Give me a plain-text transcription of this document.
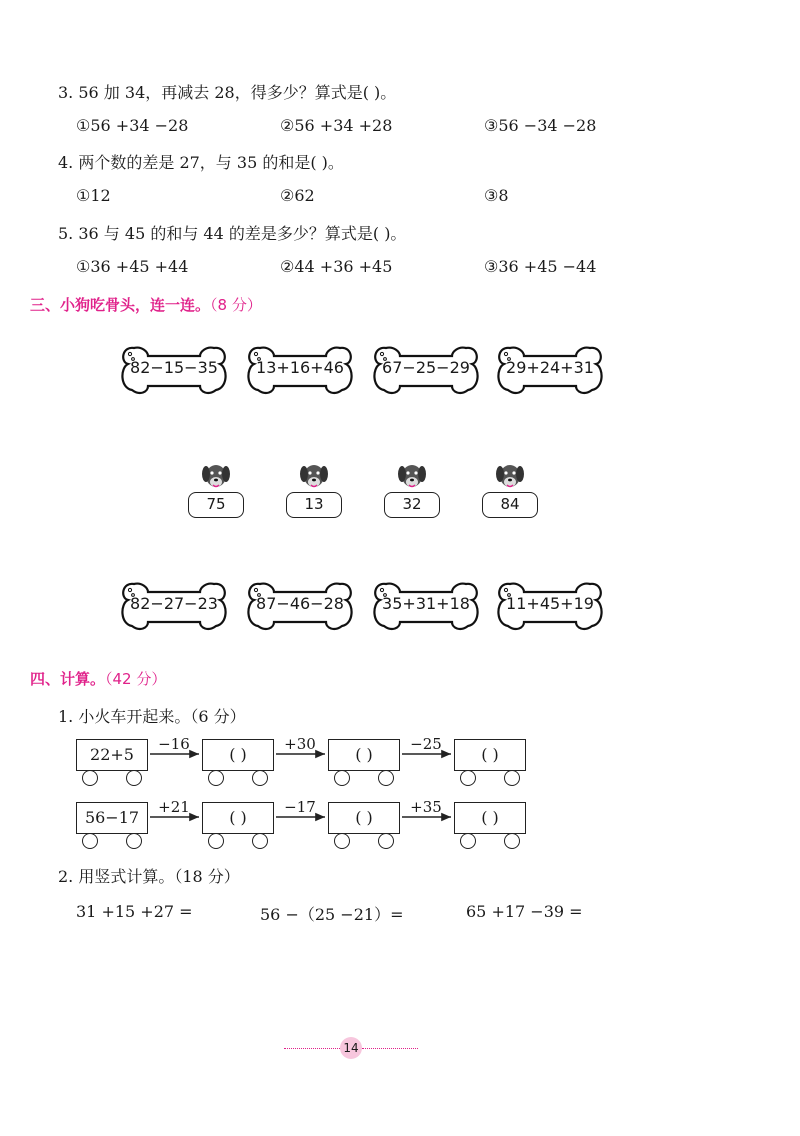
3. 56 加 34，再减去 28，得多少？算式是( )。
①56 +34 −28	②56 +34 +28	③56 −34 −28
4. 两个数的差是 27，与 35 的和是( )。
①12	②62	③8
5. 36 与 45 的和与 44 的差是多少？算式是( )。
①36 +45 +44	②44 +36 +45	③36 +45 −44
三、小狗吃骨头，连一连。（8 分）
82−15−35	13+16+46	67−25−29	29+24+31
75	13	32	84
82−27−23	87−46−28	35+31+18	11+45+19
四、计算。（42 分）
1. 小火车开起来。（6 分）
22+5
−16
( )
+30
( )
−25
( )
56−17
+21
( )
−17
( )
+35
( )
2. 用竖式计算。（18 分）
31 +15 +27 =	56 −（25 −21）=	65 +17 −39 =
14
